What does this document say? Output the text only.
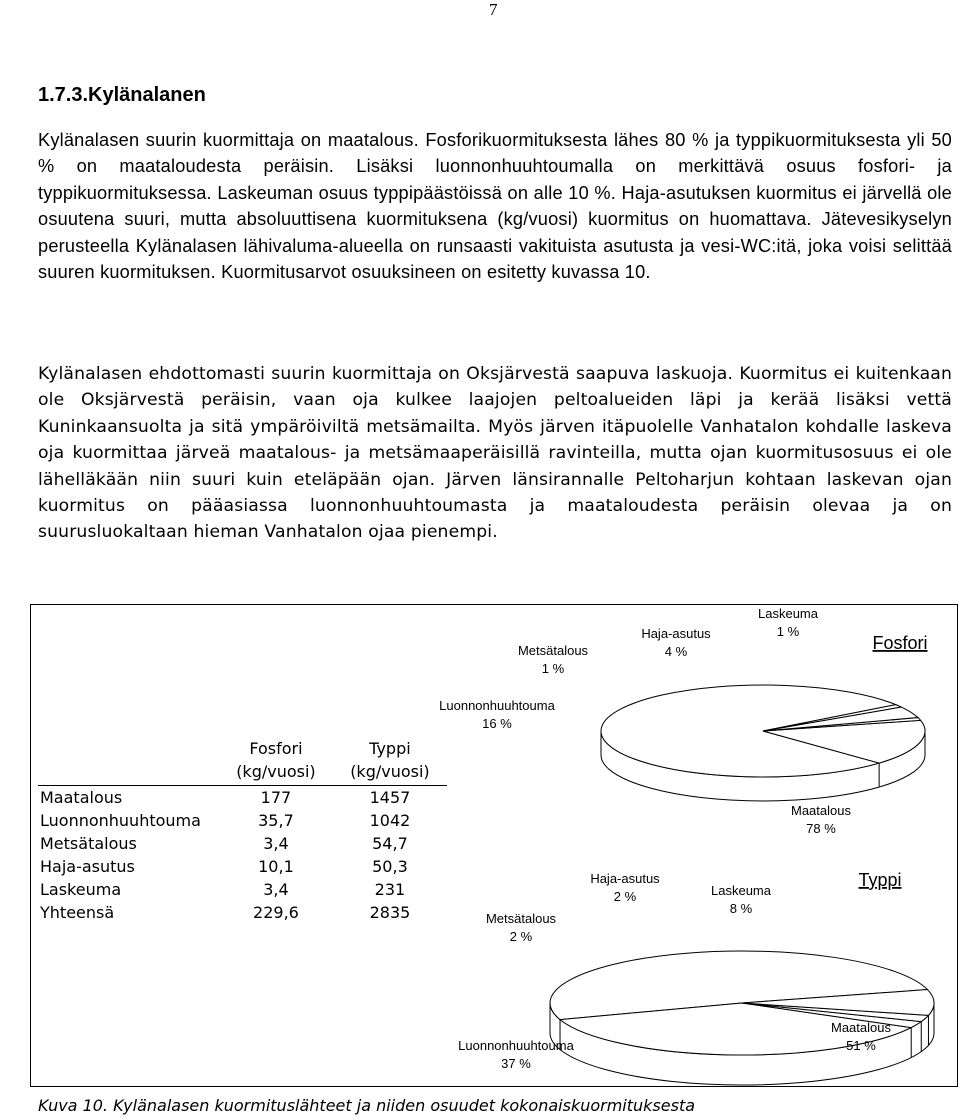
7
1.7.3.Kylänalanen

Kylänalasen suurin kuormittaja on maatalous. Fosforikuormituksesta lähes 80 % ja typpikuormituksesta yli 50 % on maataloudesta peräisin. Lisäksi luonnonhuuhtoumalla on merkittävä osuus fosfori- ja typpikuormituksessa. Laskeuman osuus typpipäästöissä on alle 10 %. Haja-asutuksen kuormitus ei järvellä ole osuutena suuri, mutta absoluuttisena kuormituksena (kg/vuosi) kuormitus on huomattava. Jätevesikyselyn perusteella Kylänalasen lähivaluma-alueella on runsaasti vakituista asutusta ja vesi-WC:itä, joka voisi selittää suuren kuormituksen. Kuormitusarvot osuuksineen on esitetty kuvassa 10.

Kylänalasen ehdottomasti suurin kuormittaja on Oksjärvestä saapuva laskuoja. Kuormitus ei kuitenkaan ole Oksjärvestä peräisin, vaan oja kulkee laajojen peltoalueiden läpi ja kerää lisäksi vettä Kuninkaansuolta ja sitä ympäröiviltä metsämailta. Myös järven itäpuolelle Vanhatalon kohdalle laskeva oja kuormittaa järveä maatalous- ja metsämaaperäisillä ravinteilla, mutta ojan kuormitusosuus ei ole lähelläkään niin suuri kuin eteläpään ojan. Järven länsirannalle Peltoharjun kohtaan laskevan ojan kuormitus on pääasiassa luonnonhuuhtoumasta ja maataloudesta peräisin olevaa ja on suurusluokaltaan hieman Vanhatalon ojaa pienempi.

	Fosfori	Typpi
	(kg/vuosi)	(kg/vuosi)
Maatalous	177	1457
Luonnonhuuhtouma	35,7	1042
Metsätalous	3,4	54,7
Haja-asutus	10,1	50,3
Laskeuma	3,4	231
Yhteensä	229,6	2835
Maatalous 78 %
Luonnonhuuhtouma 16 %
Metsätalous 1 %
Haja-asutus 4 %
Laskeuma 1 %
Fosfori
Maatalous 51 %
Luonnonhuuhtouma 37 %
Metsätalous 2 %
Haja-asutus 2 %	Laskeuma 8 %
Typpi
Kuva 10. Kylänalasen kuormituslähteet ja niiden osuudet kokonaiskuormituksesta
